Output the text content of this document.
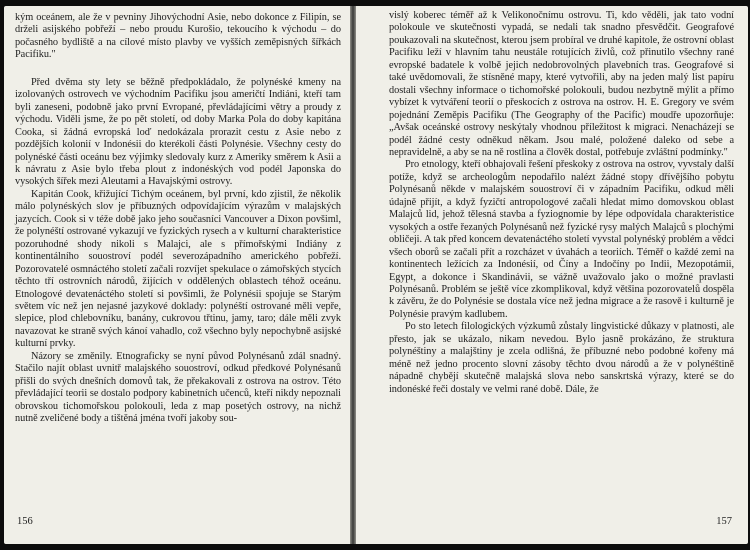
kým oceánem, ale že v pevniny Jihovýchodní Asie, nebo dokonce z Filipín, se drželi asijského pobřeží – nebo proudu Kurošio, tekoucího k východu – do počasného bydliště a na cílové místo plavby ve vyšších zeměpisných šířkách Pacifiku."

Před dvěma sty lety se běžně předpokládalo, že polynéské kmeny na izolovaných ostrovech ve východním Pacifiku jsou američtí Indiáni, kteří tam byli zaneseni, podobně jako první Evropané, převládajícími větry a proudy z východu. Viděli jsme, že po pět století, od doby Marka Pola do doby kapitána Cooka, si žádná evropská loď nedokázala prorazit cestu z Asie nebo z pozdějších kolonií v Indonésii do kterékoli části Polynésie. Všechny cesty do polynéské části oceánu bez výjimky sledovaly kurz z Ameriky směrem k Asii a k návratu z Asie bylo třeba plout z indonéských vod podél Japonska do vysokých šířek mezi Aleutami a Havajskými ostrovy.

Kapitán Cook, křižující Tichým oceánem, byl první, kdo zjistil, že několik málo polynéských slov je příbuzných odpovídajícím výrazům v malajských jazycích. Cook si v téže době jako jeho současníci Vancouver a Dixon povšiml, že polynéští ostrované vykazují ve fyzických rysech a v kulturní charakteristice pozoruhodné shody nikoli s Malajci, ale s přímořskými Indiány z kontinentálního souostroví podél severozápadního amerického pobřeží. Pozorovatelé osmnáctého století začali rozvíjet spekulace o zámořských stycích těchto tří ostrovních národů, žijících v oddělených oblastech téhož oceánu. Etnologové devatenáctého století si povšimli, že Polynésii spojuje se Starým světem víc než jen nejasné jazykové doklady: polynéští ostrované měli vepře, slepice, plod chlebovníku, banány, cukrovou třtinu, jamy, taro; dále měli zvyk navazovat ke straně svých kánoí vahadlo, což všechno byly nepochybně asijské kulturní prvky.

Názory se změnily. Etnograficky se nyní původ Polynésanů zdál snadný. Stačilo najít oblast uvnitř malajského souostroví, odkud předkové Polynésanů přišli do svých dnešních domovů tak, že překakovali z ostrova na ostrov. Této převládající teorii se dostalo podpory kabinetních učenců, kteří nikdy nepoznali obrovskou tichomořskou polokouli, ledа z map posetých ostrovy, na nichž nutně zveličené body a tištěná jména tvoří jakoby sou-

156

vislý koberec téměř až k Velikonočnímu ostrovu. Ti, kdo věděli, jak tato vodní polokoule ve skutečnosti vypadá, se nedali tak snadno přesvědčit. Geografové poukazovali na skutečnost, kterou jsem probíral ve druhé kapitole, že ostrovní oblast Pacifiku leží v hlavním tahu neustále rotujících živlů, což přinutilo všechny rané evropské badatele k volbě jejich nedobrovolných plavebních tras. Geografové si také uvědomovali, že stísněné mapy, které vytvořili, aby na jeden malý list papíru dostali všechny informace o tichomořské polokouli, budou nezbytně mýlit a přímo vybízet k vytváření teorií o přeskocích z ostrova na ostrov. H. E. Gregory ve svém pojednání Zeměpis Pacifiku (The Geography of the Pacific) moudře upozorňuje: „Avšak oceánské ostrovy neskýtaly vhodnou příležitost k migraci. Nenacházejí se podél žádné cesty odněkud někam. Jsou malé, položené daleko od sebe a nepravidelně, a aby se na ně rostlina a člověk dostal, potřebuje zvláštní podmínky."

Pro etnology, kteří obhajovali řešení přeskoky z ostrova na ostrov, vyvstaly další potíže, když se archeologům nepodařilo nalézt žádné stopy dřívějšího pobytu Polynésanů někde v malajském souostroví či v západním Pacifiku, odkud měli údajně přijít, a když fyzičtí antropologové začali hledat mimo domovskou oblast Malajců lid, jehož tělesná stavba a fyziognomie by lépe odpovídala charakteristice vysokých a ostře řezaných Polynésanů než fyzické rysy malých Malajců s plochými obličeji. A tak před koncem devatenáctého století vyvstal polynéský problém a vědci všech oborů se začali přít a rozcházet v úvahách a teoriích. Téměř o každé zemi na kontinentech ležících za Indonésií, od Číny a Indočíny po Indii, Mezopotámii, Egypt, a dokonce i Skandinávii, se vážně uvažovalo jako o možné pravlasti Polynésanů. Problém se ještě více zkomplikoval, když většina pozorovatelů dospěla k závěru, že do Polynésie se dostala více než jedna migrace a že rasově i kulturně je Polynésie pravým kadlubem.

Po sto letech filologických výzkumů zůstaly lingvistické důkazy v platnosti, ale přesto, jak se ukázalo, nikam nevedou. Bylo jasně prokázáno, že struktura polynéštiny a malajštiny je zcela odlišná, že příbuzné nebo podobné kořeny má méně než jedno procento slovní zásoby těchto dvou národů a že v polynéštině nápadně chybějí skutečně malajská slova nebo sanskrtská výrazy, které se do indonéské řeči dostaly ve velmi rané době. Dále, že

157
